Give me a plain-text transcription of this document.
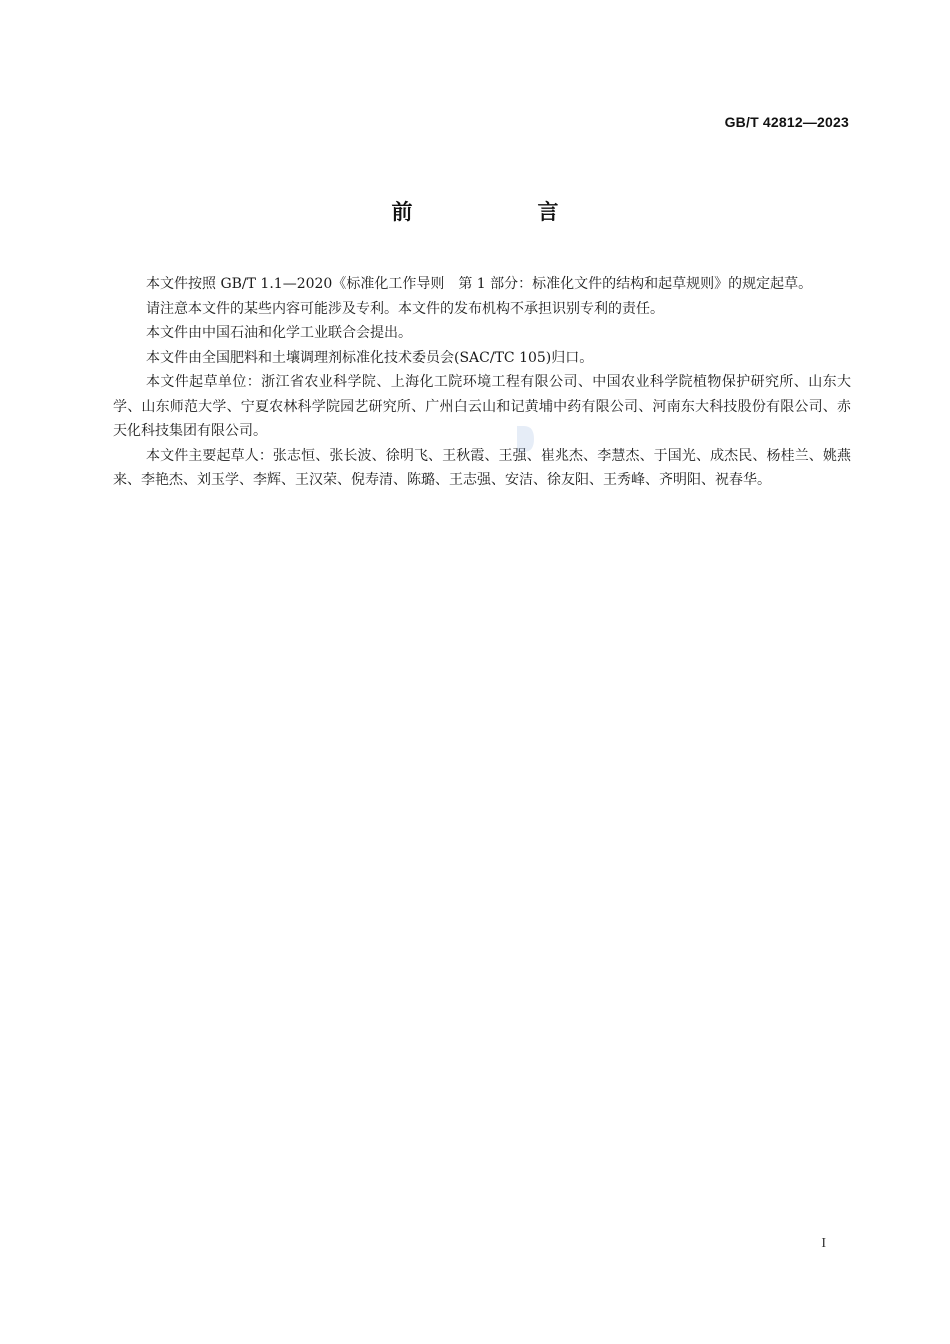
GB/T 42812—2023
前　言

本文件按照 GB/T 1.1—2020《标准化工作导则　第 1 部分：标准化文件的结构和起草规则》的规定起草。

请注意本文件的某些内容可能涉及专利。本文件的发布机构不承担识别专利的责任。

本文件由中国石油和化学工业联合会提出。

本文件由全国肥料和土壤调理剂标准化技术委员会(SAC/TC 105)归口。

本文件起草单位：浙江省农业科学院、上海化工院环境工程有限公司、中国农业科学院植物保护研究所、山东大学、山东师范大学、宁夏农林科学院园艺研究所、广州白云山和记黄埔中药有限公司、河南东大科技股份有限公司、赤天化科技集团有限公司。

本文件主要起草人：张志恒、张长波、徐明飞、王秋霞、王强、崔兆杰、李慧杰、于国光、成杰民、杨桂兰、姚燕来、李艳杰、刘玉学、李辉、王汉荣、倪寿清、陈璐、王志强、安洁、徐友阳、王秀峰、齐明阳、祝春华。

I
